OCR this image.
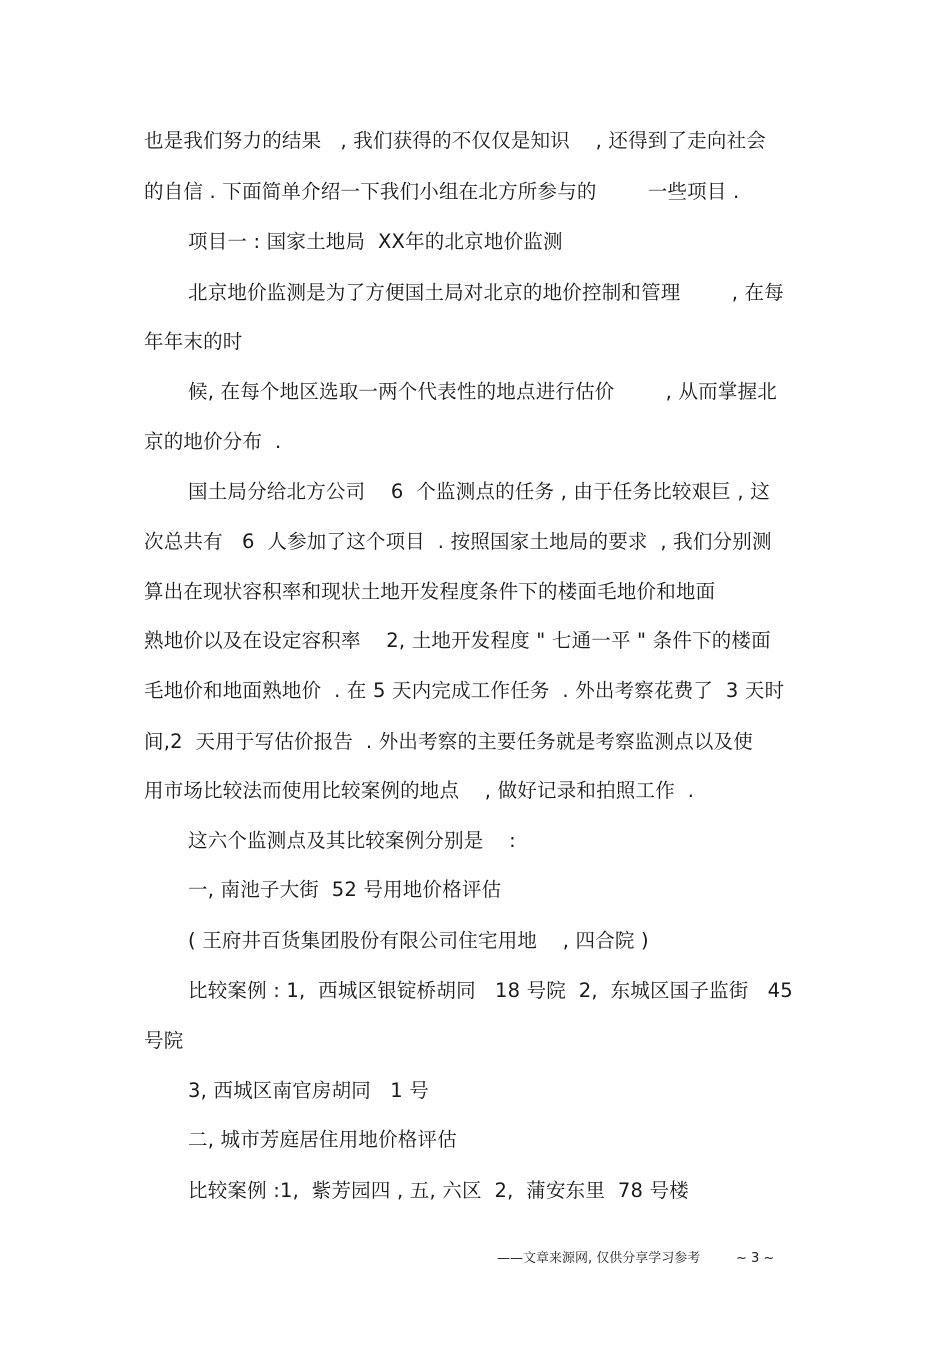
也是我们努力的结果   , 我们获得的不仅仅是知识    , 还得到了走向社会
的自信 . 下面简单介绍一下我们小组在北方所参与的        一些项目 .
项目一 : 国家土地局  XX年的北京地价监测
北京地价监测是为了方便国土局对北京的地价控制和管理        , 在每
年年末的时
候, 在每个地区选取一两个代表性的地点进行估价        , 从而掌握北
京的地价分布  .
国土局分给北方公司    6  个监测点的任务 , 由于任务比较艰巨 , 这
次总共有   6  人参加了这个项目  . 按照国家土地局的要求  , 我们分别测
算出在现状容积率和现状土地开发程度条件下的楼面毛地价和地面
熟地价以及在设定容积率    2, 土地开发程度 " 七通一平 " 条件下的楼面
毛地价和地面熟地价  . 在 5 天内完成工作任务  . 外出考察花费了  3 天时
间,2  天用于写估价报告  . 外出考察的主要任务就是考察监测点以及使
用市场比较法而使用比较案例的地点    , 做好记录和拍照工作  .
这六个监测点及其比较案例分别是    :
一, 南池子大街  52 号用地价格评估
( 王府井百货集团股份有限公司住宅用地    , 四合院 )
比较案例 : 1,  西城区银锭桥胡同   18 号院  2,  东城区国子监街   45
号院
3, 西城区南官房胡同   1 号
二, 城市芳庭居住用地价格评估
比较案例 :1,  紫芳园四 , 五, 六区  2,  蒲安东里  78 号楼
——文章来源网, 仅供分享学习参考	~ 3 ~
